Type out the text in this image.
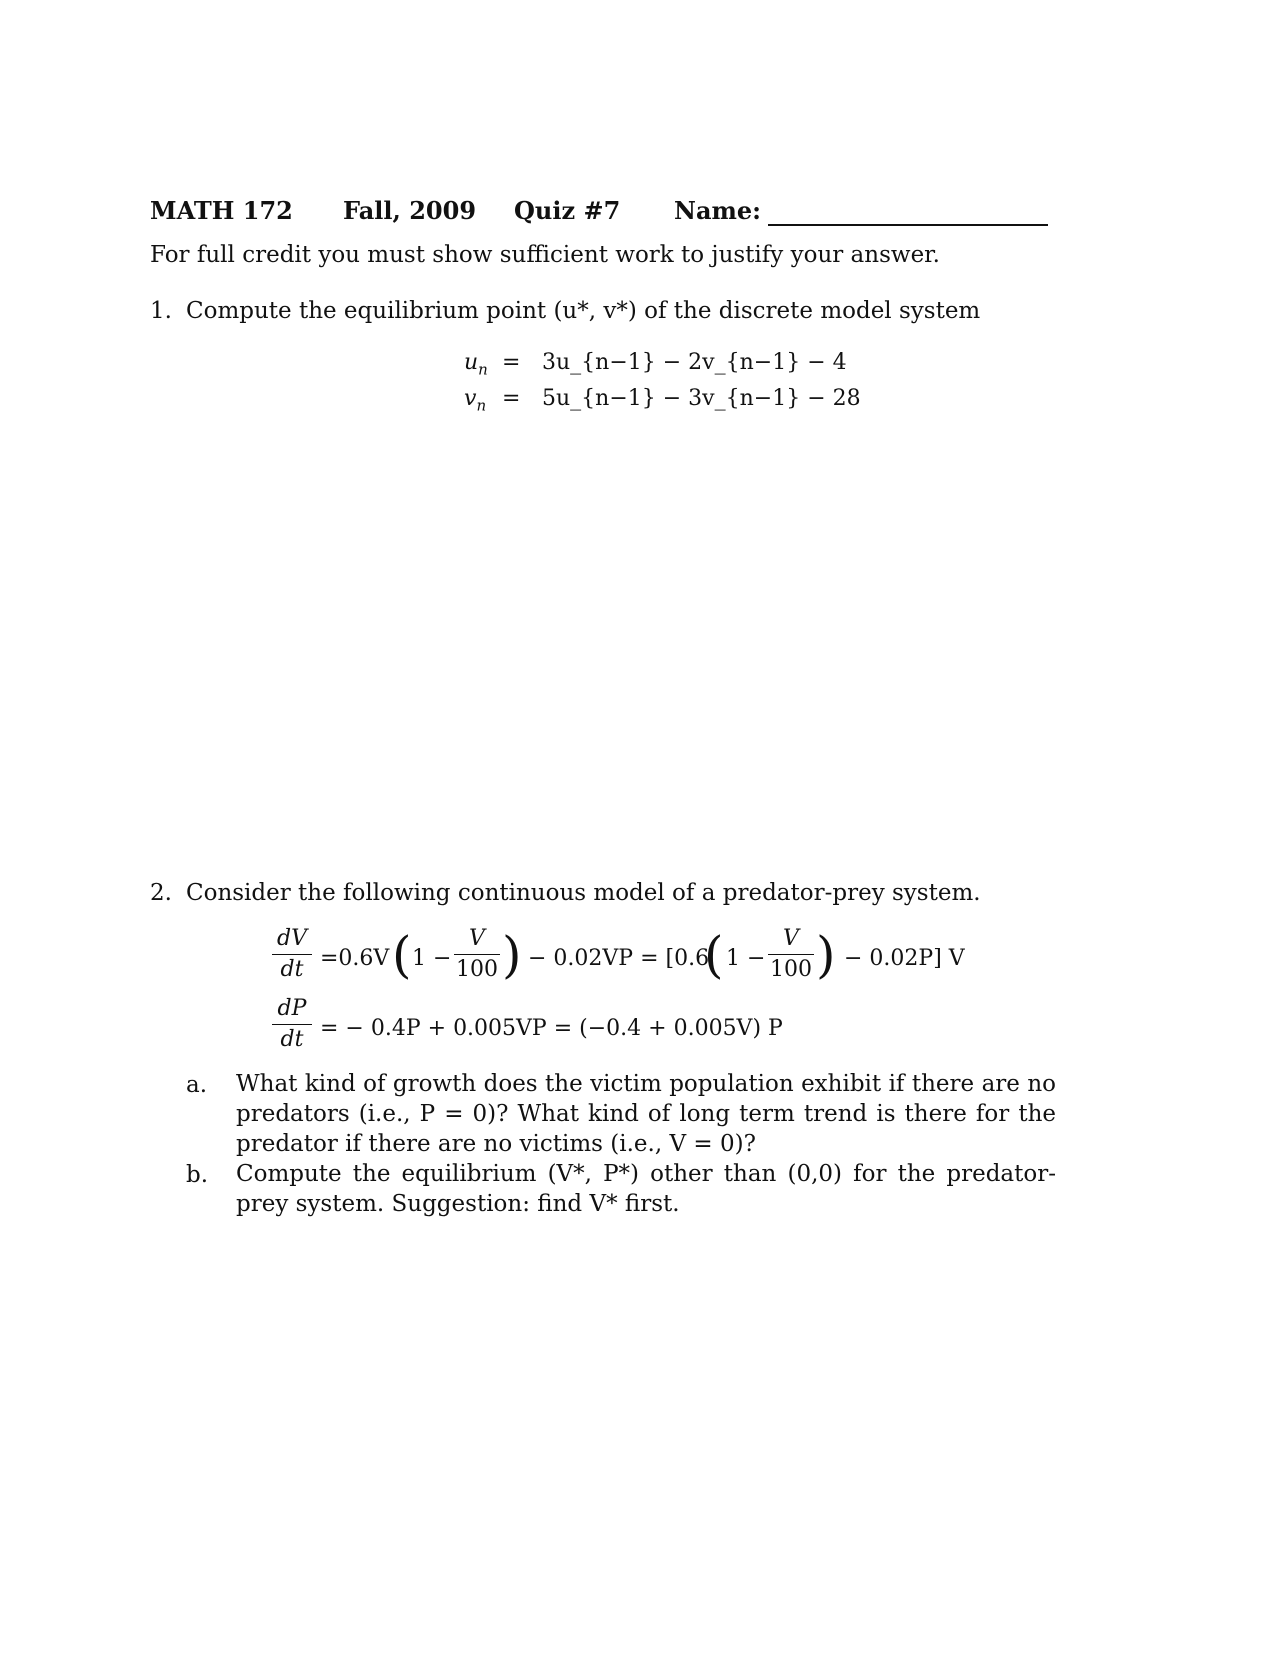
MATH 172 Fall, 2009 Quiz #7 Name:
For full credit you must show sufficient work to justify your answer.
1. Compute the equilibrium point (u*, v*) of the discrete model system
$u_n$ = 3u_{n−1} − 2v_{n−1} − 4
$v_n$ = 5u_{n−1} − 3v_{n−1} − 28
2. Consider the following continuous model of a predator-prey system.
dV
dt =0.6V ( 1 −
V
100 ) − 0.02VP = [0.6
( 1 −
V
100 ) − 0.02P] V
dP
dt = − 0.4P + 0.005VP = (−0.4 + 0.005V) P
a. What kind of growth does the victim population exhibit if there are no predators (i.e., P = 0)? What kind of long term trend is there for the predator if there are no victims (i.e., V = 0)?
b. Compute the equilibrium (V*, P*) other than (0,0) for the predator-prey system. Suggestion: find V* first.
